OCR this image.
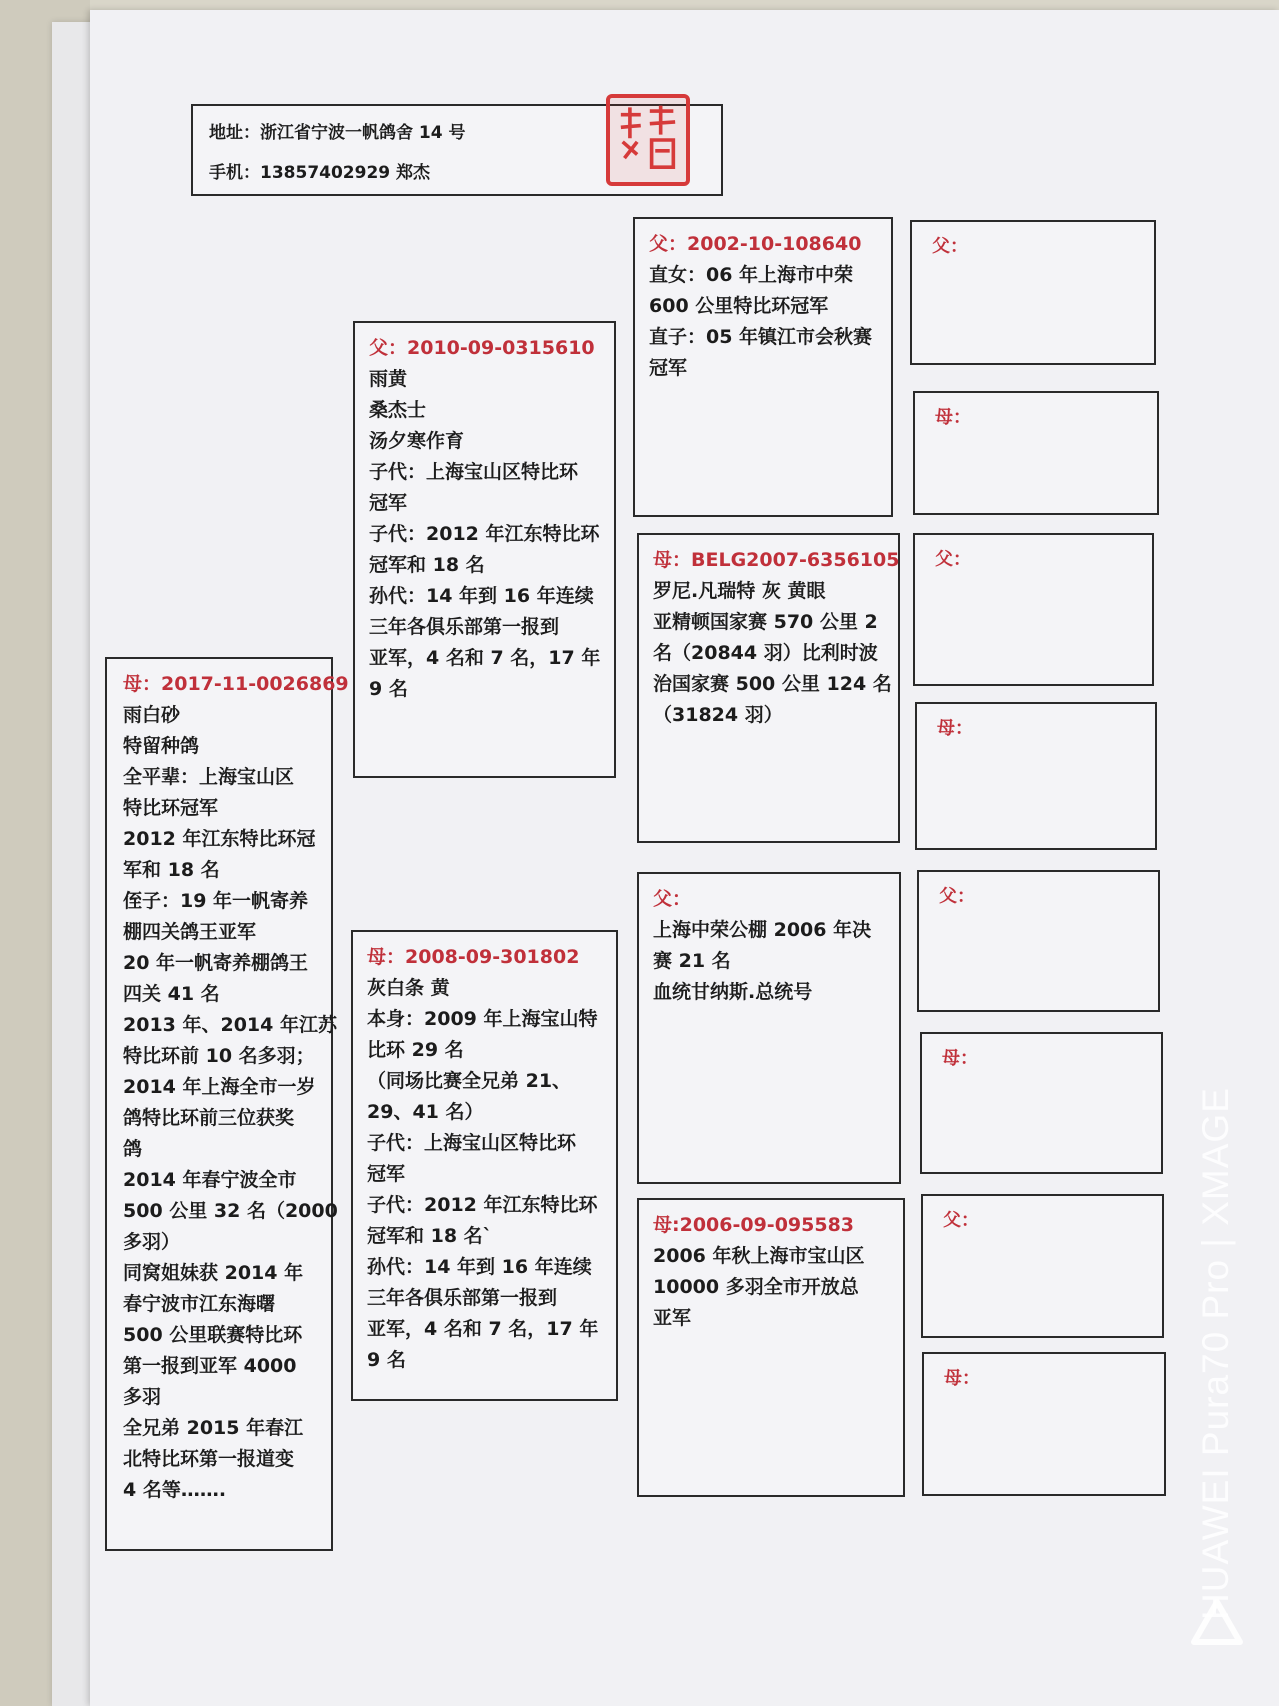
地址：浙江省宁波一帆鸽舍 14 号
手机：13857402929 郑杰
母：2017-11-0026869
雨白砂
特留种鸽
全平辈：上海宝山区
特比环冠军
2012 年江东特比环冠
军和 18 名
侄子：19 年一帆寄养
棚四关鸽王亚军
20 年一帆寄养棚鸽王
四关 41 名
2013 年、2014 年江苏
特比环前 10 名多羽；
2014 年上海全市一岁
鸽特比环前三位获奖
鸽
2014 年春宁波全市
500 公里 32 名（2000
多羽）
同窝姐妹获 2014 年
春宁波市江东海曙
500 公里联赛特比环
第一报到亚军 4000
多羽
全兄弟 2015 年春江
北特比环第一报道变
4 名等…….
父：2010-09-0315610
雨黄
桑杰士
汤夕寒作育
子代：上海宝山区特比环
冠军
子代：2012 年江东特比环
冠军和 18 名
孙代：14 年到 16 年连续
三年各俱乐部第一报到
亚军，4 名和 7 名，17 年
9 名
母：2008-09-301802
灰白条 黄
本身：2009 年上海宝山特
比环 29 名
（同场比赛全兄弟 21、
29、41 名）
子代：上海宝山区特比环
冠军
子代：2012 年江东特比环
冠军和 18 名`
孙代：14 年到 16 年连续
三年各俱乐部第一报到
亚军，4 名和 7 名，17 年
9 名
父：2002-10-108640
直女：06 年上海市中荣
600 公里特比环冠军
直子：05 年镇江市会秋赛
冠军
母：BELG2007-6356105
罗尼.凡瑞特 灰 黄眼
亚精顿国家赛 570 公里 2
名（20844 羽）比利时波
治国家赛 500 公里 124 名
（31824 羽）
父：
上海中荣公棚 2006 年决
赛 21 名
血统甘纳斯.总统号
母:2006-09-095583
2006 年秋上海市宝山区
10000 多羽全市开放总
亚军
父：
母：
父：
母：
父：
母：
父：
母：	HUAWEI Pura70 Pro | XMAGE
